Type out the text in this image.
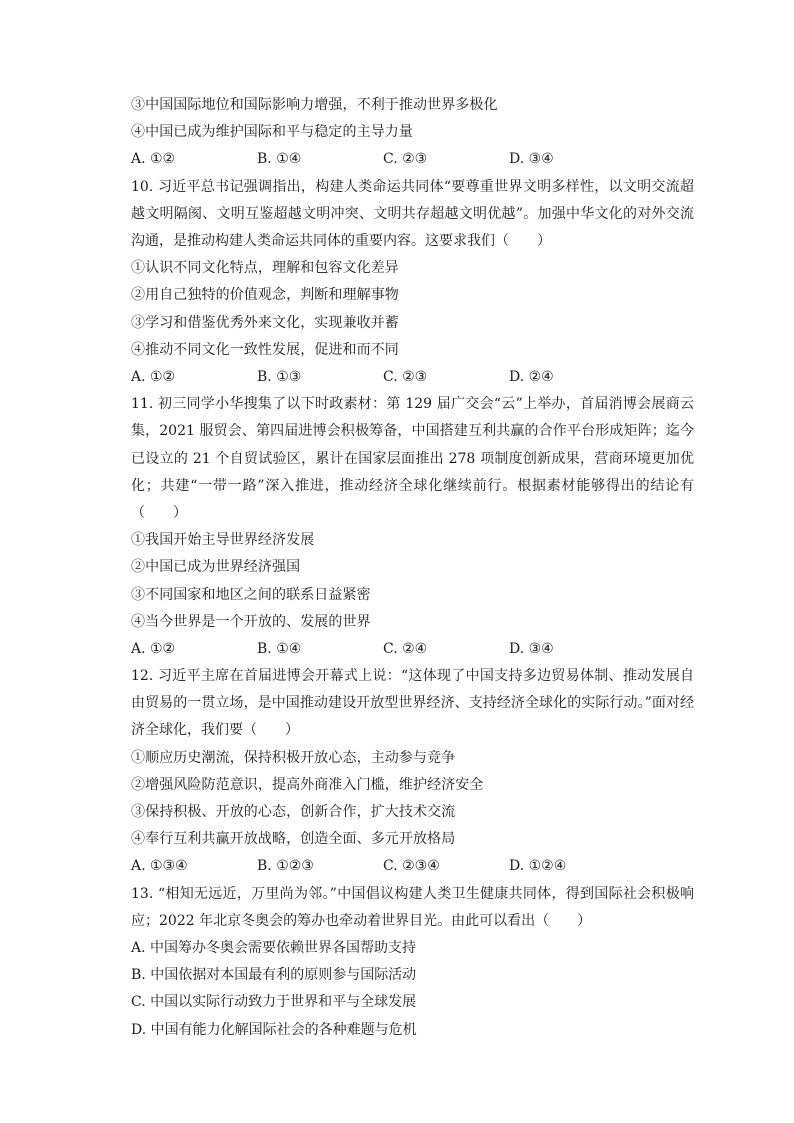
③中国国际地位和国际影响力增强，不利于推动世界多极化
④中国已成为维护国际和平与稳定的主导力量
A. ①②	B. ①④	C. ②③	D. ③④
10. 习近平总书记强调指出，构建人类命运共同体“要尊重世界文明多样性，以文明交流超越文明隔阂、文明互鉴超越文明冲突、文明共存超越文明优越”。加强中华文化的对外交流沟通，是推动构建人类命运共同体的重要内容。这要求我们（　　）
①认识不同文化特点，理解和包容文化差异
②用自己独特的价值观念，判断和理解事物
③学习和借鉴优秀外来文化，实现兼收并蓄
④推动不同文化一致性发展，促进和而不同
A. ①②	B. ①③	C. ②③	D. ②④
11. 初三同学小华搜集了以下时政素材：第 129 届广交会“云”上举办，首届消博会展商云集，2021 服贸会、第四届进博会积极筹备，中国搭建互利共赢的合作平台形成矩阵；迄今已设立的 21 个自贸试验区，累计在国家层面推出 278 项制度创新成果，营商环境更加优化；共建“一带一路”深入推进，推动经济全球化继续前行。根据素材能够得出的结论有（　　）
①我国开始主导世界经济发展
②中国已成为世界经济强国
③不同国家和地区之间的联系日益紧密
④当今世界是一个开放的、发展的世界
A. ①②	B. ①④	C. ②④	D. ③④
12. 习近平主席在首届进博会开幕式上说：“这体现了中国支持多边贸易体制、推动发展自由贸易的一贯立场，是中国推动建设开放型世界经济、支持经济全球化的实际行动。”面对经济全球化，我们要（　　）
①顺应历史潮流，保持积极开放心态，主动参与竞争
②增强风险防范意识，提高外商准入门槛，维护经济安全
③保持积极、开放的心态，创新合作，扩大技术交流
④奉行互利共赢开放战略，创造全面、多元开放格局
A. ①③④	B. ①②③	C. ②③④	D. ①②④
13. “相知无远近，万里尚为邻。”中国倡议构建人类卫生健康共同体，得到国际社会积极响应；2022 年北京冬奥会的筹办也牵动着世界目光。由此可以看出（　　）
A. 中国筹办冬奥会需要依赖世界各国帮助支持
B. 中国依据对本国最有利的原则参与国际活动
C. 中国以实际行动致力于世界和平与全球发展
D. 中国有能力化解国际社会的各种难题与危机
